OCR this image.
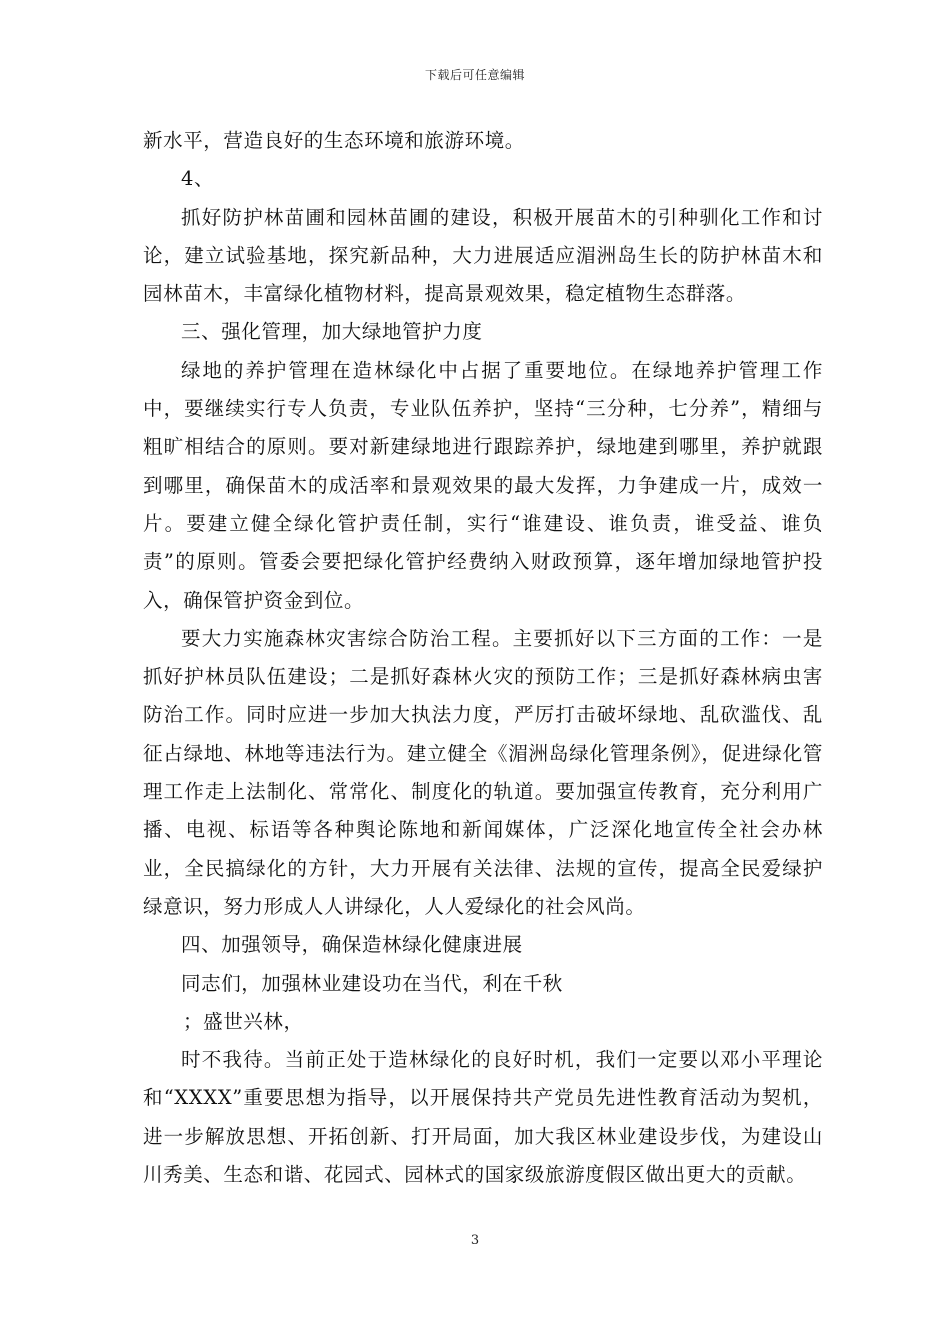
下载后可任意编辑

新水平，营造良好的生态环境和旅游环境。

4、

抓好防护林苗圃和园林苗圃的建设，积极开展苗木的引种驯化工作和讨论，建立试验基地，探究新品种，大力进展适应湄洲岛生长的防护林苗木和园林苗木，丰富绿化植物材料，提高景观效果，稳定植物生态群落。

三、强化管理，加大绿地管护力度

绿地的养护管理在造林绿化中占据了重要地位。在绿地养护管理工作中，要继续实行专人负责，专业队伍养护，坚持“三分种，七分养”，精细与粗旷相结合的原则。要对新建绿地进行跟踪养护，绿地建到哪里，养护就跟到哪里，确保苗木的成活率和景观效果的最大发挥，力争建成一片，成效一片。要建立健全绿化管护责任制，实行“谁建设、谁负责，谁受益、谁负责”的原则。管委会要把绿化管护经费纳入财政预算，逐年增加绿地管护投入，确保管护资金到位。

要大力实施森林灾害综合防治工程。主要抓好以下三方面的工作：一是抓好护林员队伍建设；二是抓好森林火灾的预防工作；三是抓好森林病虫害防治工作。同时应进一步加大执法力度，严厉打击破坏绿地、乱砍滥伐、乱征占绿地、林地等违法行为。建立健全《湄洲岛绿化管理条例》，促进绿化管理工作走上法制化、常常化、制度化的轨道。要加强宣传教育，充分利用广播、电视、标语等各种舆论陈地和新闻媒体，广泛深化地宣传全社会办林业，全民搞绿化的方针，大力开展有关法律、法规的宣传，提高全民爱绿护绿意识，努力形成人人讲绿化，人人爱绿化的社会风尚。

四、加强领导，确保造林绿化健康进展

同志们，加强林业建设功在当代，利在千秋

；盛世兴林，

时不我待。当前正处于造林绿化的良好时机，我们一定要以邓小平理论和“XXXX”重要思想为指导，以开展保持共产党员先进性教育活动为契机，进一步解放思想、开拓创新、打开局面，加大我区林业建设步伐，为建设山川秀美、生态和谐、花园式、园林式的国家级旅游度假区做出更大的贡献。

3
